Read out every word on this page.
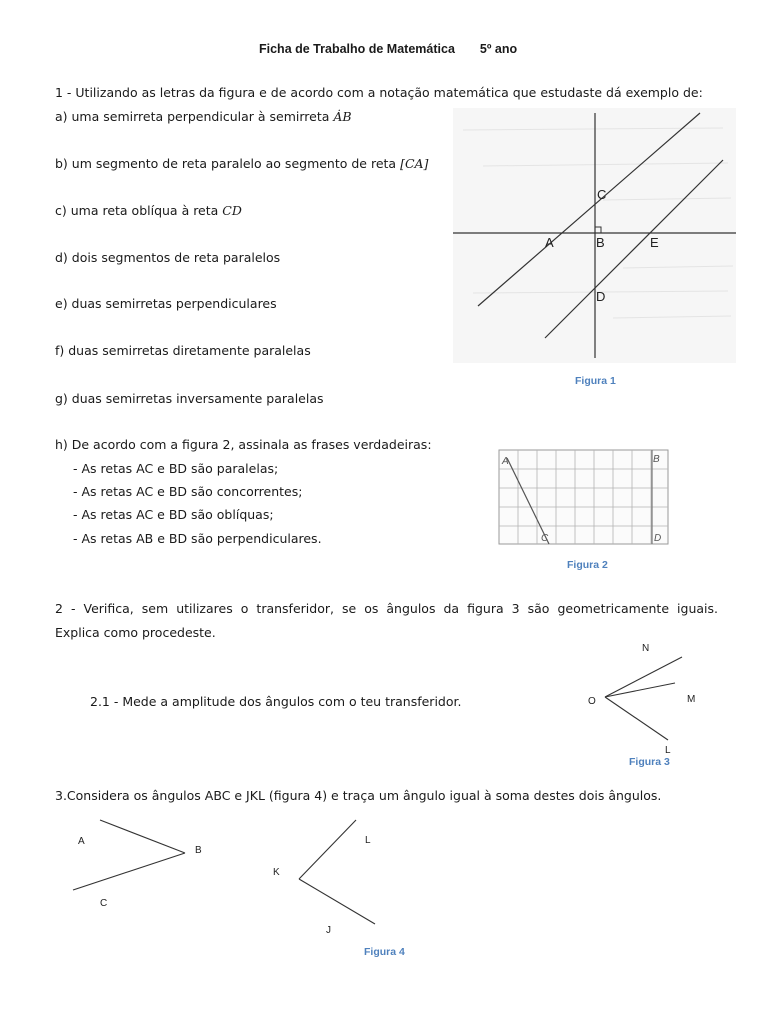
Ficha de Trabalho de Matemática 5º ano
1 - Utilizando as letras da figura e de acordo com a notação matemática que estudaste dá exemplo de:
a) uma semirreta perpendicular à semirreta ȦB
b) um segmento de reta paralelo ao segmento de reta [CA]
c) uma reta oblíqua à reta CD
d) dois segmentos de reta paralelos
e) duas semirretas perpendiculares
f) duas semirretas diretamente paralelas
g) duas semirretas inversamente paralelas
h) De acordo com a figura 2, assinala as frases verdadeiras:
- As retas AC e BD são paralelas;
- As retas AC e BD são concorrentes;
- As retas AC e BD são oblíquas;
- As retas AB e BD são perpendiculares.
C
A	B	E
D
Figura 1
A	B
C	D
Figura 2
2 - Verifica, sem utilizares o transferidor, se os ângulos da figura 3 são geometricamente iguais.
Explica como procedeste.
2.1 - Mede a amplitude dos ângulos com o teu transferidor.
N
O	M
L
Figura 3
3.Considera os ângulos ABC e JKL (figura 4) e traça um ângulo igual à soma destes dois ângulos.
A
B
C
K
L
J
Figura 4
